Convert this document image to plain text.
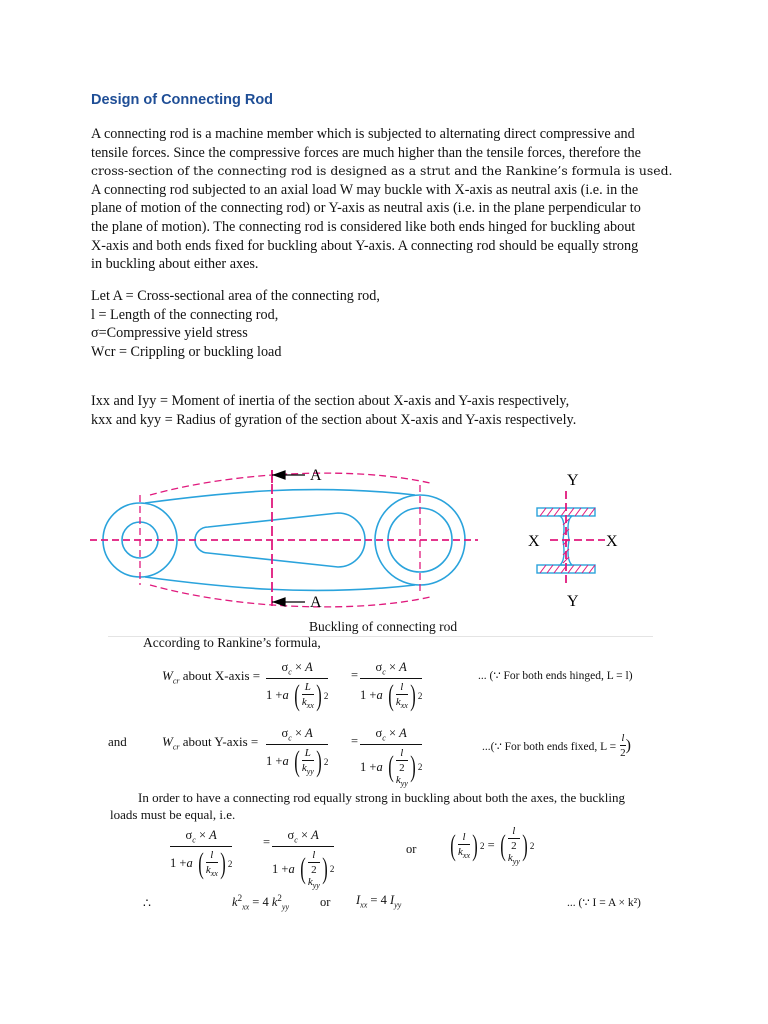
Design of Connecting Rod

A connecting rod is a machine member which is subjected to alternating direct compressive and

tensile forces. Since the compressive forces are much higher than the tensile forces, therefore the

cross-section of the connecting rod is designed as a strut and the Rankine’s formula is used.

A connecting rod subjected to an axial load W may buckle with X-axis as neutral axis (i.e. in the

plane of motion of the connecting rod) or Y-axis as neutral axis (i.e. in the plane perpendicular to

the plane of motion). The connecting rod is considered like both ends hinged for buckling about

X-axis and both ends fixed for buckling about Y-axis. A connecting rod should be equally strong

in buckling about either axes.

Let A = Cross-sectional area of the connecting rod,

l = Length of the connecting rod,

σ=Compressive yield stress

Wcr = Crippling or buckling load

Ixx and Iyy = Moment of inertia of the section about X-axis and Y-axis respectively,

kxx and kyy = Radius of gyration of the section about X-axis and Y-axis respectively.

A
A
Y
Y
X	X
Buckling of connecting rod
According to Rankine’s formula,
$W_{cr}$ about X-axis =
$\sigma_c \times A$
1 + a
( L
$k_{xx}$ ) 2
=
$\sigma_c \times A$
1 + a
( l
$k_{xx}$ ) 2
... (∵ For both ends hinged, L = l)
and	$W_{cr}$ about Y-axis =
$\sigma_c \times A$
1 + a
( L
$k_{yy}$ ) 2
=
$\sigma_c \times A$
1 + a
( l
2
$k_{yy}$
) 2
...(∵ For both ends fixed, L =
l
2 )
In order to have a connecting rod equally strong in buckling about both the axes, the buckling
loads must be equal, i.e.
$\sigma_c \times A$
1 + a
( l
$k_{xx}$ ) 2
=	$\sigma_c \times A$
1 + a
( l
2
$k_{yy}$
) 2
or ( l
$k_{xx}$ ) 2 = ( l
2
$k_{yy}$
) 2
∴	$k^2_{xx} = 4$ $k^2_{yy}$ or $I_{xx} = 4$ $I_{yy}$	... (∵ I = A × k²)
